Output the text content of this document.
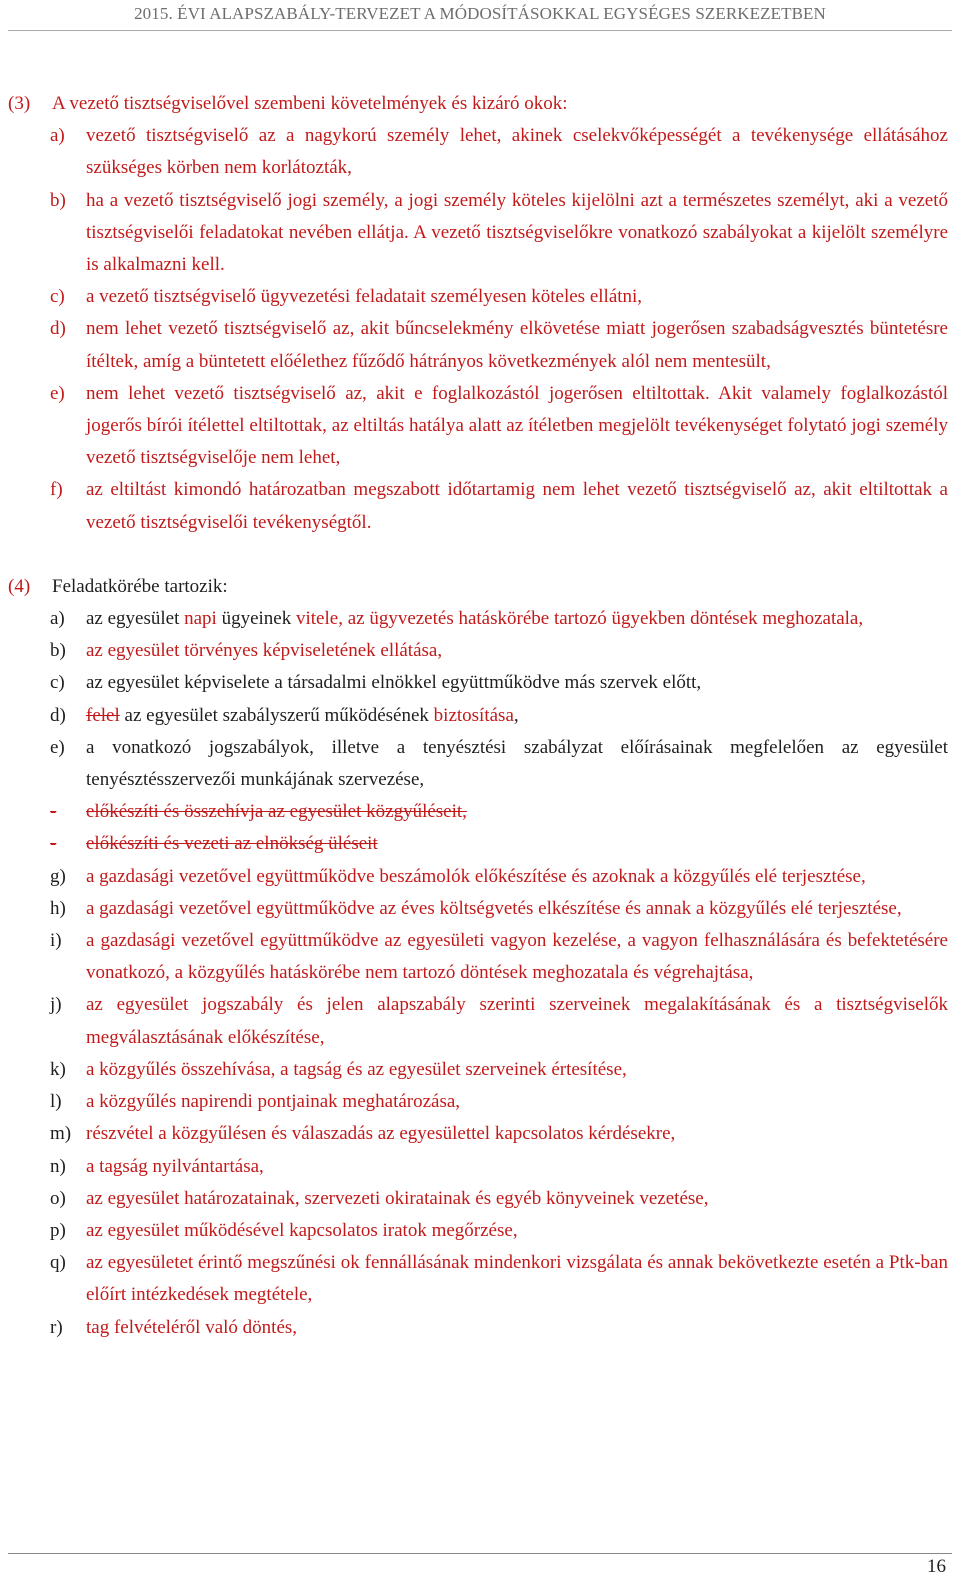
2015. ÉVI ALAPSZABÁLY-TERVEZET A MÓDOSÍTÁSOKKAL EGYSÉGES SZERKEZETBEN
(3)	A vezető tisztségviselővel szembeni követelmények és kizáró okok:
a)	vezető tisztségviselő az a nagykorú személy lehet, akinek cselekvőképességét a tevékenysége ellátásához szükséges körben nem korlátozták,
b)	ha a vezető tisztségviselő jogi személy, a jogi személy köteles kijelölni azt a természetes személyt, aki a vezető tisztségviselői feladatokat nevében ellátja. A vezető tisztségviselőkre vonatkozó szabályokat a kijelölt személyre is alkalmazni kell.
c)	a vezető tisztségviselő ügyvezetési feladatait személyesen köteles ellátni,
d)	nem lehet vezető tisztségviselő az, akit bűncselekmény elkövetése miatt jogerősen szabadságvesztés büntetésre ítéltek, amíg a büntetett előélethez fűződő hátrányos következmények alól nem mentesült,
e)	nem lehet vezető tisztségviselő az, akit e foglalkozástól jogerősen eltiltottak. Akit valamely foglalkozástól jogerős bírói ítélettel eltiltottak, az eltiltás hatálya alatt az ítéletben megjelölt tevékenységet folytató jogi személy vezető tisztségviselője nem lehet,
f)	az eltiltást kimondó határozatban megszabott időtartamig nem lehet vezető tisztségviselő az, akit eltiltottak a vezető tisztségviselői tevékenységtől.
(4)	Feladatkörébe tartozik:
a)	az egyesület napi ügyeinek vitele, az ügyvezetés hatáskörébe tartozó ügyekben döntések meghozatala,
b)	az egyesület törvényes képviseletének ellátása,
c)	az egyesület képviselete a társadalmi elnökkel együttműködve más szervek előtt,
d)	felel az egyesület szabályszerű működésének biztosítása,
e)	a vonatkozó jogszabályok, illetve a tenyésztési szabályzat előírásainak megfelelően az egyesület tenyésztésszervezői munkájának szervezése,
-	előkészíti és összehívja az egyesület közgyűléseit,
-	előkészíti és vezeti az elnökség üléseit
g)	a gazdasági vezetővel együttműködve beszámolók előkészítése és azoknak a közgyűlés elé terjesztése,
h)	a gazdasági vezetővel együttműködve az éves költségvetés elkészítése és annak a közgyűlés elé terjesztése,
i)	a gazdasági vezetővel együttműködve az egyesületi vagyon kezelése, a vagyon felhasználására és befektetésére vonatkozó, a közgyűlés hatáskörébe nem tartozó döntések meghozatala és végrehajtása,
j)	az egyesület jogszabály és jelen alapszabály szerinti szerveinek megalakításának és a tisztségviselők megválasztásának előkészítése,
k)	a közgyűlés összehívása, a tagság és az egyesület szerveinek értesítése,
l)	a közgyűlés napirendi pontjainak meghatározása,
m) részvétel a közgyűlésen és válaszadás az egyesülettel kapcsolatos kérdésekre,
n)	a tagság nyilvántartása,
o)	az egyesület határozatainak, szervezeti okiratainak és egyéb könyveinek vezetése,
p)	az egyesület működésével kapcsolatos iratok megőrzése,
q)	az egyesületet érintő megszűnési ok fennállásának mindenkori vizsgálata és annak bekövetkezte esetén a Ptk-ban előírt intézkedések megtétele,
r)	tag felvételéről való döntés,
16
